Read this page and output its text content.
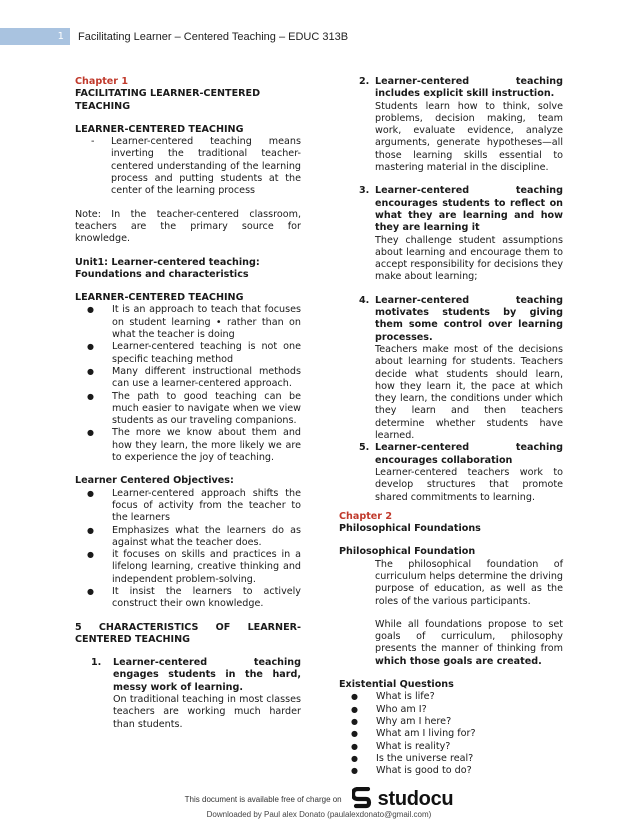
1	Facilitating Learner – Centered Teaching – EDUC 313B

Chapter 1

FACILITATING LEARNER-CENTERED TEACHING

LEARNER-CENTERED TEACHING

-	Learner-centered teaching means inverting the traditional teacher-centered understanding of the learning process and putting students at the center of the learning process

Note: In the teacher-centered classroom, teachers are the primary source for knowledge.

Unit1: Learner-centered teaching: Foundations and characteristics

LEARNER-CENTERED TEACHING

●	It is an approach to teach that focuses on student learning • rather than on what the teacher is doing
●	Learner-centered teaching is not one specific teaching method
●	Many different instructional methods can use a learner-centered approach.
●	The path to good teaching can be much easier to navigate when we view students as our traveling companions.
●	The more we know about them and how they learn, the more likely we are to experience the joy of teaching.

Learner Centered Objectives:

●	Learner-centered approach shifts the focus of activity from the teacher to the learners
●	Emphasizes what the learners do as against what the teacher does.
●	it focuses on skills and practices in a lifelong learning, creative thinking and independent problem-solving.
●	It insist the learners to actively construct their own knowledge.

5 CHARACTERISTICS OF LEARNER-CENTERED TEACHING

1.	Learner-centered teaching engages students in the hard, messy work of learning.
On traditional teaching in most classes teachers are working much harder than students.
2. Learner-centered teaching includes explicit skill instruction.
Students learn how to think, solve problems, decision making, team work, evaluate evidence, analyze arguments, generate hypotheses—all those learning skills essential to mastering material in the discipline.
3. Learner-centered teaching encourages students to reflect on what they are learning and how they are learning it
They challenge student assumptions about learning and encourage them to accept responsibility for decisions they make about learning;
4. Learner-centered teaching motivates students by giving them some control over learning processes.
Teachers make most of the decisions about learning for students. Teachers decide what students should learn, how they learn it, the pace at which they learn, the conditions under which they learn and then teachers determine whether students have learned.
5. Learner-centered teaching encourages collaboration
Learner-centered teachers work to develop structures that promote shared commitments to learning.

Chapter 2

Philosophical Foundations

Philosophical Foundation

The philosophical foundation of curriculum helps determine the driving purpose of education, as well as the roles of the various participants.

While all foundations propose to set goals of curriculum, philosophy presents the manner of thinking from which those goals are created.

Existential Questions

●	What is life?
●	Who am I?
●	Why am I here?
●	What am I living for?
●	What is reality?
●	Is the universe real?
●	What is good to do?
This document is available free of charge on studocu
Downloaded by Paul alex Donato (paulalexdonato@gmail.com)
